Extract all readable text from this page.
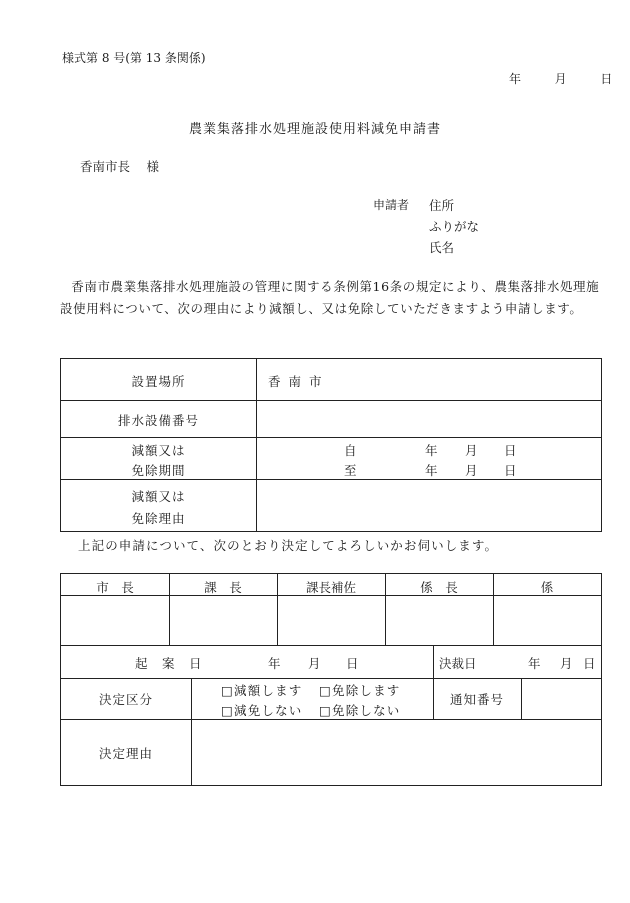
様式第 8 号(第 13 条関係)
年	月	日
農業集落排水処理施設使用料減免申請書
香南市長　 様
申請者 住所
ふりがな
氏名
香南市農業集落排水処理施設の管理に関する条例第16条の規定により、農集落排水処理施設使用料について、次の理由により減額し、又は免除していただきますよう申請します。
設置場所	香 南 市
排水設備番号
減額又は
免除期間
自	年 月 日
至	年 月 日
減額又は
免除理由
上記の申請について、次のとおり決定してよろしいかお伺いします。
市　長	課　長	課長補佐	係　長	係
起　案　日	年 月 日	決裁日	年 月 日
決定区分
□減額します □免除します
□減免しない □免除しない
通知番号
決定理由
